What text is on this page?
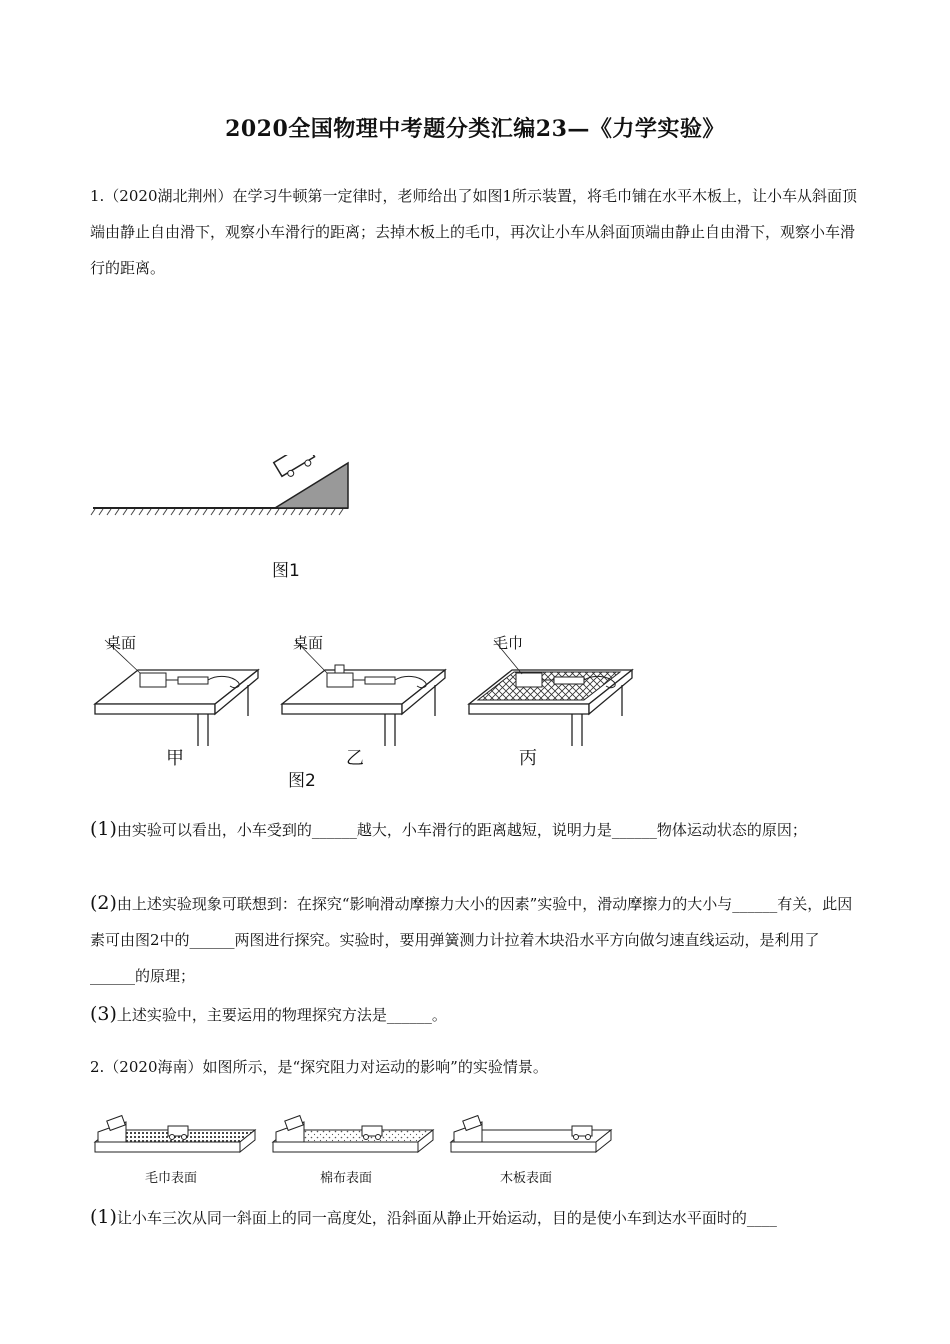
2020全国物理中考题分类汇编23—《力学实验》
1.（2020湖北荆州）在学习牛顿第一定律时，老师给出了如图1所示装置，将毛巾铺在水平木板上，让小车从斜面顶端由静止自由滑下，观察小车滑行的距离；去掉木板上的毛巾，再次让小车从斜面顶端由静止自由滑下，观察小车滑行的距离。
图1
桌面	桌面	毛巾
甲	乙	丙
图2
(1)由实验可以看出，小车受到的______越大，小车滑行的距离越短，说明力是______物体运动状态的原因；
(2)由上述实验现象可联想到：在探究“影响滑动摩擦力大小的因素”实验中，滑动摩擦力的大小与______有关，此因素可由图2中的______两图进行探究。实验时，要用弹簧测力计拉着木块沿水平方向做匀速直线运动，是利用了______的原理；
(3)上述实验中，主要运用的物理探究方法是______。
2.（2020海南）如图所示，是“探究阻力对运动的影响”的实验情景。
毛巾表面	棉布表面	木板表面
(1)让小车三次从同一斜面上的同一高度处，沿斜面从静止开始运动，目的是使小车到达水平面时的____
